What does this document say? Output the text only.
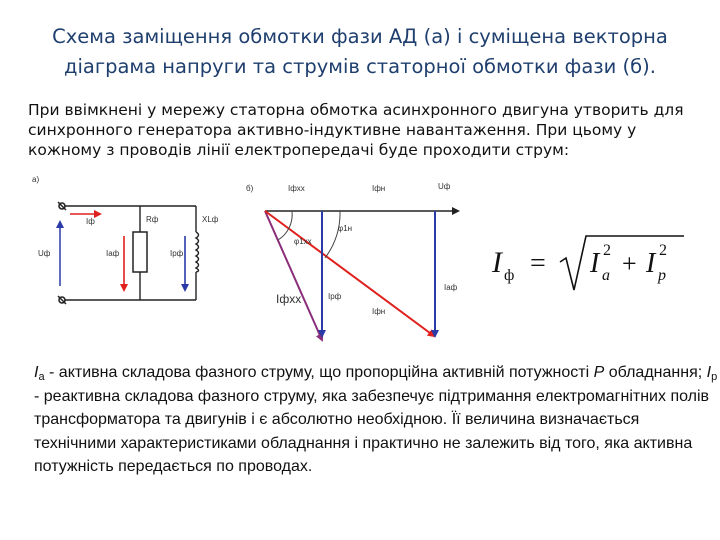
Схема заміщення обмотки фази АД (а) і суміщена векторна
діаграма напруги та струмів статорної обмотки фази (б).
При ввімкнені у мережу статорна обмотка асинхронного двигуна утворить для синхронного генератора активно-індуктивне навантаження. При цьому у кожному з проводів лінії електропередачі буде проходити струм:
а)
Iф	Rф	XLф
Uф	Iаф	Iрф
б)	Iфхх	Iфн	Uф
φ1н
φ1хх
Iфхх	Iрф
Iаф
Iфн
I ф = I a
2 + I p
2
$I_а$ - активна складова фазного струму, що пропорційна активній потужності P обладнання; $I_р$ - реактивна складова фазного струму, яка забезпечує підтримання електромагнітних полів трансформатора та двигунів і є абсолютно необхідною. Її величина визначається технічними характеристиками обладнання і практично не залежить від того, яка активна потужність передається по проводах.
